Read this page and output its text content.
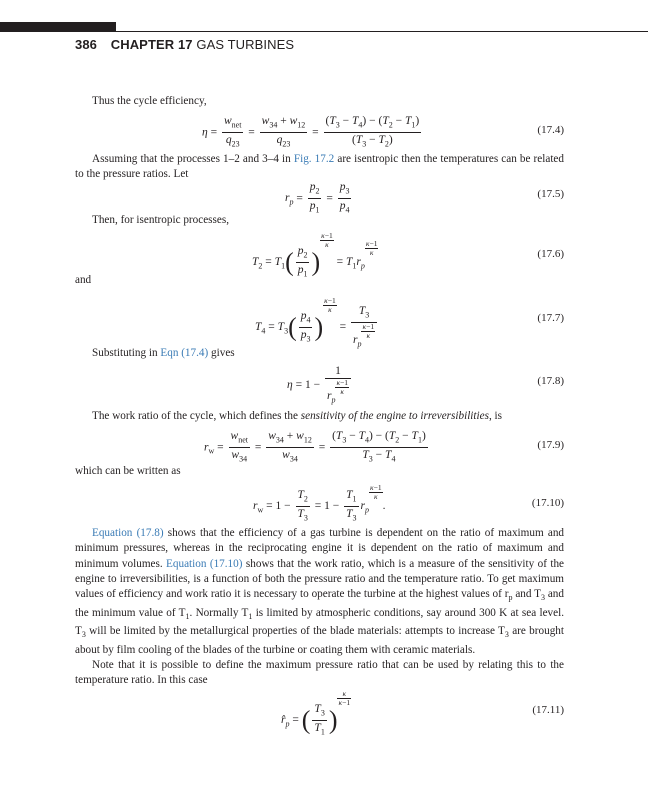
386 CHAPTER 17 GAS TURBINES
Thus the cycle efficiency,
$\eta = \frac{w_{net}}{q_{23}} = \frac{w_{34} + w_{12}}{q_{23}} = \frac{(T_3 - T_4) - (T_2 - T_1)}{(T_3 - T_2)}$	(17.4)
Assuming that the processes 1–2 and 3–4 in Fig. 17.2 are isentropic then the temperatures can be related to the pressure ratios. Let
$r_p = \frac{p_2}{p_1} = \frac{p_3}{p_4}$	(17.5)
Then, for isentropic processes,
$T_2 = T_1( \frac{p_2}{p_1}$ )
$\frac{\kappa-1}{\kappa}$
= $T_1r_p$
$\frac{\kappa-1}{\kappa}$	(17.6)
and
$T_4 = T_3( \frac{p_4}{p_3}$ )
$\frac{\kappa-1}{\kappa}$
= $T_3$
$r_p$
$\frac{\kappa-1}{\kappa}$	(17.7)
Substituting in Eqn (17.4) gives
η = 1 − 1
$r_p$
$\frac{\kappa-1}{\kappa}$	(17.8)
The work ratio of the cycle, which defines the sensitivity of the engine to irreversibilities, is
$r_w = \frac{w_{net}}{w_{34}} = \frac{w_{34} + w_{12}}{w_{34}} = \frac{(T_3 - T_4) - (T_2 - T_1)}{T_3 - T_4}$	(17.9)
which can be written as
$r_w = 1 - \frac{T_2}{T_3} = 1 - \frac{T_1}{T_3} r_p$
$\frac{\kappa-1}{\kappa}$
.	(17.10)
Equation (17.8) shows that the efficiency of a gas turbine is dependent on the ratio of maximum and minimum pressures, whereas in the reciprocating engine it is dependent on the ratio of maximum and minimum volumes. Equation (17.10) shows that the work ratio, which is a measure of the sensitivity of the engine to irreversibilities, is a function of both the pressure ratio and the temperature ratio. To get maximum values of efficiency and work ratio it is necessary to operate the turbine at the highest values of $r_p$ and $T_3$ and the minimum value of $T_1$. Normally $T_1$ is limited by atmospheric conditions, say around 300 K at sea level. $T_3$ will be limited by the metallurgical properties of the blade materials: attempts to increase $T_3$ are brought about by film cooling of the blades of the turbine or coating them with ceramic materials.
Note that it is possible to define the maximum pressure ratio that can be used by relating this to the temperature ratio. In this case
$r̂_p$ = ( $\frac{T_3}{T_1}$ )
$\frac{\kappa}{\kappa-1}$
(17.11)
